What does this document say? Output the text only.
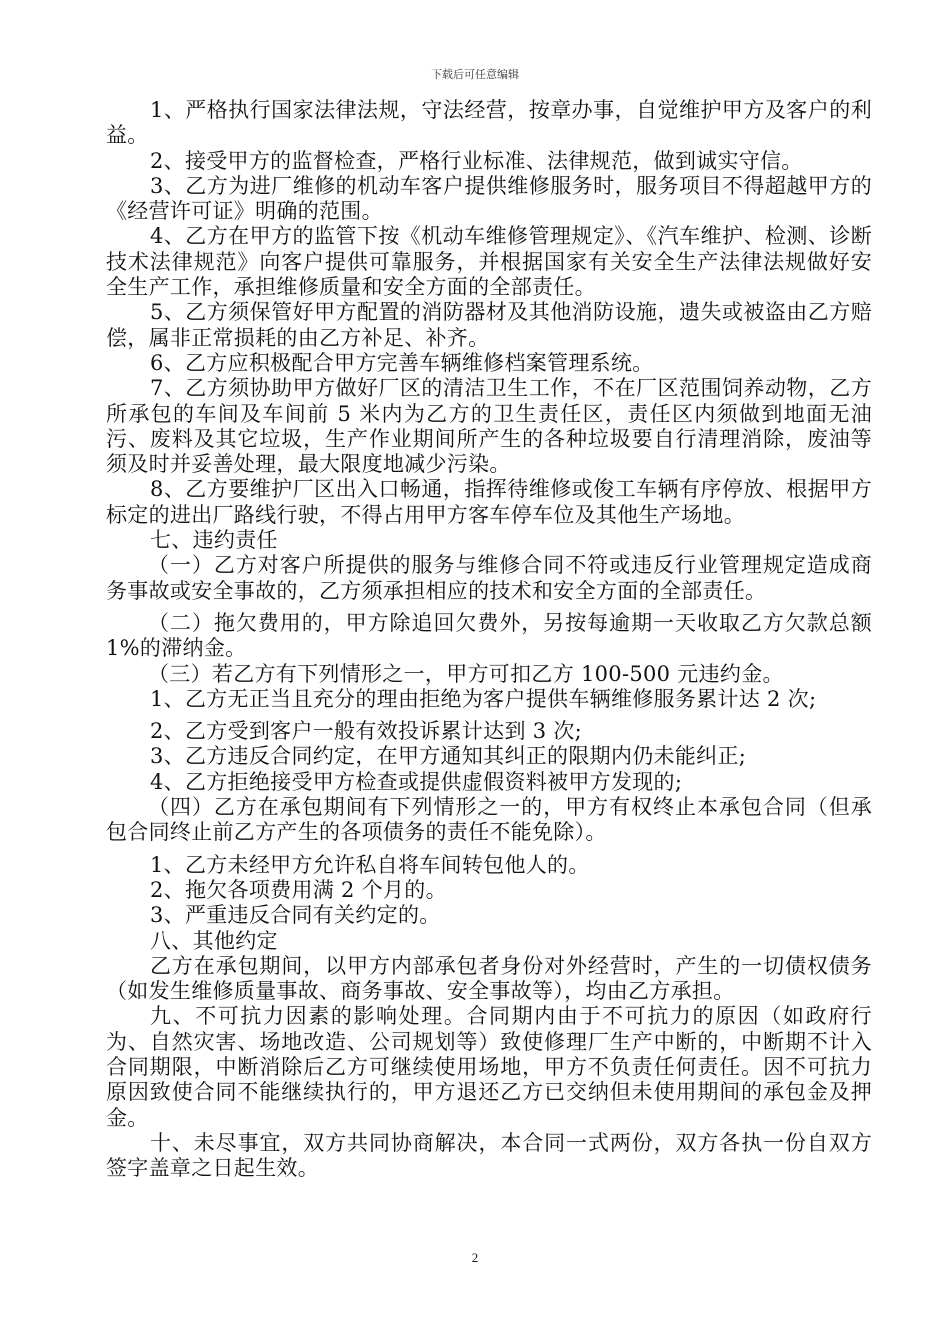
下载后可任意编辑

1、严格执行国家法律法规，守法经营，按章办事，自觉维护甲方及客户的利益。

2、接受甲方的监督检查，严格行业标准、法律规范，做到诚实守信。

3、乙方为进厂维修的机动车客户提供维修服务时，服务项目不得超越甲方的《经营许可证》明确的范围。

4、乙方在甲方的监管下按《机动车维修管理规定》、《汽车维护、检测、诊断技术法律规范》向客户提供可靠服务，并根据国家有关安全生产法律法规做好安全生产工作，承担维修质量和安全方面的全部责任。

5、乙方须保管好甲方配置的消防器材及其他消防设施，遗失或被盗由乙方赔偿，属非正常损耗的由乙方补足、补齐。

6、乙方应积极配合甲方完善车辆维修档案管理系统。

7、乙方须协助甲方做好厂区的清洁卫生工作，不在厂区范围饲养动物，乙方所承包的车间及车间前 5 米内为乙方的卫生责任区，责任区内须做到地面无油污、废料及其它垃圾，生产作业期间所产生的各种垃圾要自行清理消除，废油等须及时并妥善处理，最大限度地减少污染。

8、乙方要维护厂区出入口畅通，指挥待维修或俊工车辆有序停放、根据甲方标定的进出厂路线行驶，不得占用甲方客车停车位及其他生产场地。

七、违约责任

（一）乙方对客户所提供的服务与维修合同不符或违反行业管理规定造成商务事故或安全事故的，乙方须承担相应的技术和安全方面的全部责任。

（二）拖欠费用的，甲方除追回欠费外，另按每逾期一天收取乙方欠款总额 1%的滞纳金。

（三）若乙方有下列情形之一，甲方可扣乙方 100-500 元违约金。

1、乙方无正当且充分的理由拒绝为客户提供车辆维修服务累计达 2 次;

2、乙方受到客户一般有效投诉累计达到 3 次;

3、乙方违反合同约定，在甲方通知其纠正的限期内仍未能纠正;

4、乙方拒绝接受甲方检查或提供虚假资料被甲方发现的;

（四）乙方在承包期间有下列情形之一的，甲方有权终止本承包合同（但承包合同终止前乙方产生的各项债务的责任不能免除）。

1、乙方未经甲方允许私自将车间转包他人的。

2、拖欠各项费用满 2 个月的。

3、严重违反合同有关约定的。

八、其他约定

乙方在承包期间，以甲方内部承包者身份对外经营时，产生的一切债权债务（如发生维修质量事故、商务事故、安全事故等），均由乙方承担。

九、不可抗力因素的影响处理。合同期内由于不可抗力的原因（如政府行为、自然灾害、场地改造、公司规划等）致使修理厂生产中断的，中断期不计入合同期限，中断消除后乙方可继续使用场地，甲方不负责任何责任。因不可抗力原因致使合同不能继续执行的，甲方退还乙方已交纳但未使用期间的承包金及押金。

十、未尽事宜，双方共同协商解决，本合同一式两份，双方各执一份自双方签字盖章之日起生效。

2
